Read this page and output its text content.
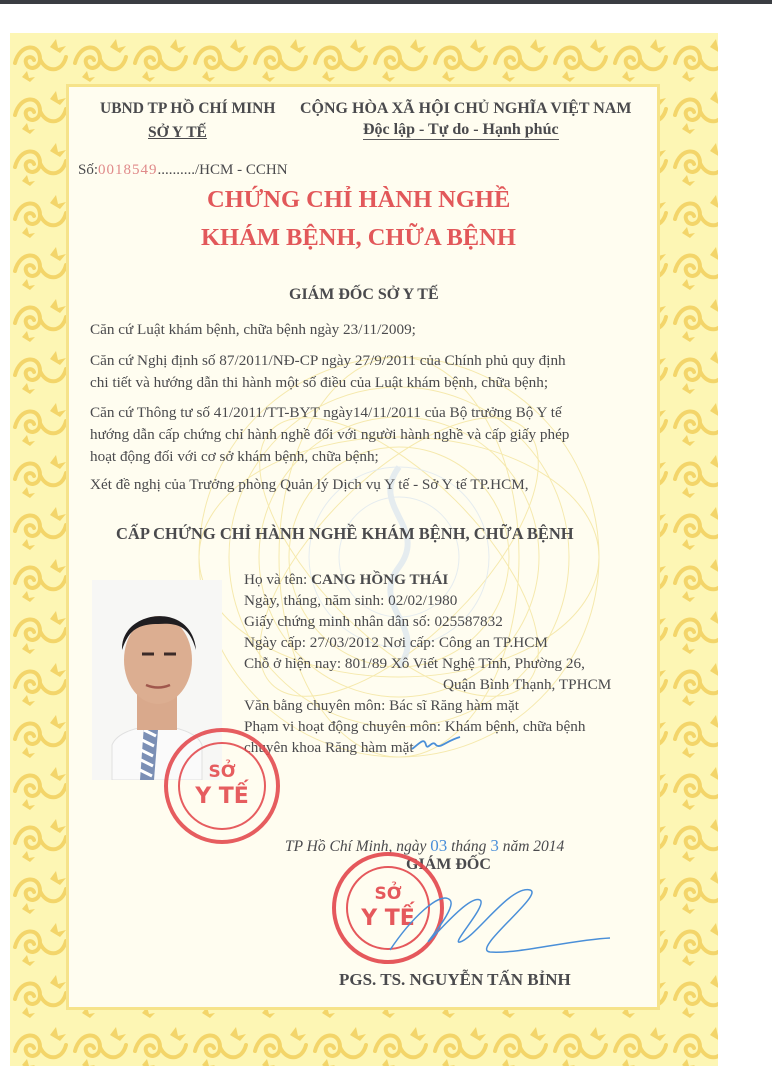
UBND TP HỒ CHÍ MINH
SỞ Y TẾ
CỘNG HÒA XÃ HỘI CHỦ NGHĨA VIỆT NAM
Độc lập - Tự do - Hạnh phúc
Số:0018549........../HCM - CCHN
CHỨNG CHỈ HÀNH NGHỀ
KHÁM BỆNH, CHỮA BỆNH
GIÁM ĐỐC SỞ Y TẾ
Căn cứ Luật khám bệnh, chữa bệnh ngày 23/11/2009;
Căn cứ Nghị định số 87/2011/NĐ-CP ngày 27/9/2011 của Chính phủ quy định
chi tiết và hướng dẫn thi hành một số điều của Luật khám bệnh, chữa bệnh;
Căn cứ Thông tư số 41/2011/TT-BYT ngày14/11/2011 của Bộ trưởng Bộ Y tế
hướng dẫn cấp chứng chỉ hành nghề đối với người hành nghề và cấp giấy phép
hoạt động đối với cơ sở khám bệnh, chữa bệnh;
Xét đề nghị của Trưởng phòng Quản lý Dịch vụ Y tế - Sở Y tế TP.HCM,
CẤP CHỨNG CHỈ HÀNH NGHỀ KHÁM BỆNH, CHỮA BỆNH
Họ và tên: CANG HỒNG THÁI
Ngày, tháng, năm sinh: 02/02/1980
Giấy chứng minh nhân dân số: 025587832
Ngày cấp: 27/03/2012 Nơi cấp: Công an TP.HCM
Chỗ ở hiện nay: 801/89 Xô Viết Nghệ Tĩnh, Phường 26,
Quận Bình Thạnh, TPHCM
Văn bằng chuyên môn: Bác sĩ Răng hàm mặt
Phạm vi hoạt động chuyên môn: Khám bệnh, chữa bệnh
chuyên khoa Răng hàm mặt
SỞ
Y TẾ
TP Hồ Chí Minh, ngày 03 tháng 3 năm 2014
GIÁM ĐỐC
SỞ
Y TẾ
PGS. TS. NGUYỄN TẤN BỈNH
